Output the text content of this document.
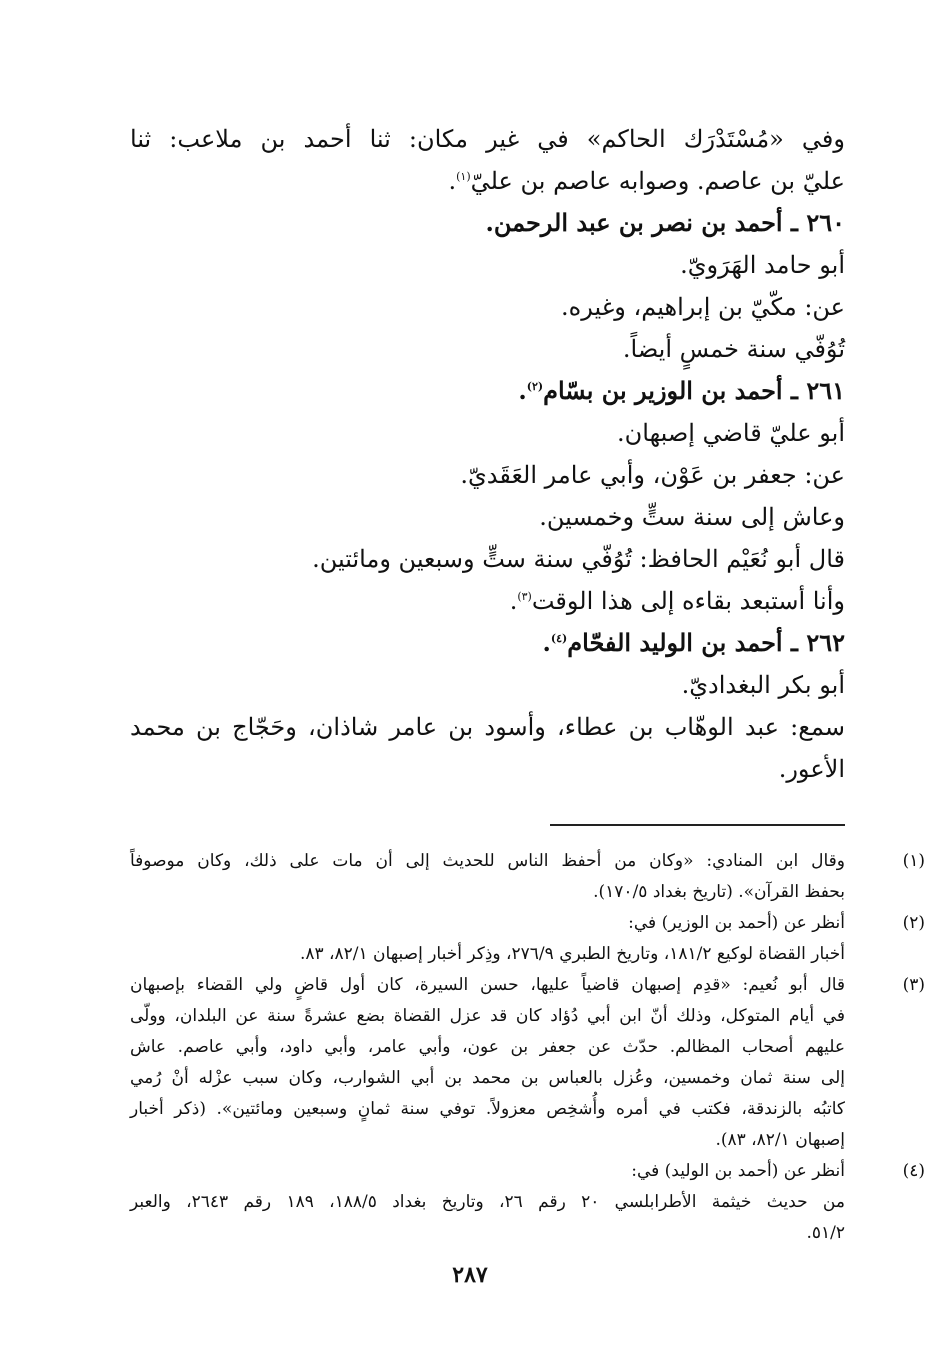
وفي «مُسْتَدْرَك الحاكم» في غير مكان: ثنا أحمد بن ملاعب: ثنا
عليّ بن عاصم. وصوابه عاصم بن عليّ$^{(١)}$.
٢٦٠ ـ أحمد بن نصر بن عبد الرحمن.
أبو حامد الهَرَويّ.
عن: مكّيّ بن إبراهيم، وغيره.
تُوُفّي سنة خمسٍ أيضاً.
٢٦١ ـ أحمد بن الوزير بن بسّام$^{(٢)}$.
أبو عليّ قاضي إصبهان.
عن: جعفر بن عَوْن، وأبي عامر العَقَديّ.
وعاش إلى سنة ستٍّ وخمسين.
قال أبو نُعَيْم الحافظ: تُوُفّي سنة ستٍّ وسبعين ومائتين.
وأنا أستبعد بقاءه إلى هذا الوقت$^{(٣)}$.
٢٦٢ ـ أحمد بن الوليد الفحّام$^{(٤)}$.
أبو بكر البغداديّ.
سمع: عبد الوهّاب بن عطاء، وأسود بن عامر شاذان، وحَجّاج بن محمد
الأعور.
(١)
وقال ابن المنادي: «وكان من أحفظ الناس للحديث إلى أن مات على ذلك، وكان موصوفاً
بحفظ القرآن». (تاريخ بغداد ١٧٠/٥).
(٢)
أنظر عن (أحمد بن الوزير) في:
أخبار القضاة لوكيع ١٨١/٢، وتاريخ الطبري ٢٧٦/٩، وذِكر أخبار إصبهان ٨٢/١، ٨٣.
(٣)
قال أبو نُعيم: «قدِم إصبهان قاضياً عليها، حسن السيرة، كان أول قاضٍ ولي القضاء بإصبهان
في أيام المتوكل، وذلك أنّ ابن أبي دُؤاد كان قد عزل القضاة بضع عشرةً سنة عن البلدان، وولّى
عليهم أصحاب المظالم. حدّث عن جعفر بن عون، وأبي عامر، وأبي داود، وأبي عاصم. عاش
إلى سنة ثمان وخمسين، وعُزل بالعباس بن محمد بن أبي الشوارب، وكان سبب عزْله أنْ رُمي
كاتبُه بالزندقة، فكتب في أمره وأُشخِص معزولاً. توفي سنة ثمانٍ وسبعين ومائتين». (ذكر أخبار
إصبهان ٨٢/١، ٨٣).
(٤)
أنظر عن (أحمد بن الوليد) في:
من حديث خيثمة الأطرابلسي ٢٠ رقم ٢٦، وتاريخ بغداد ١٨٨/٥، ١٨٩ رقم ٢٦٤٣، والعبر
٥١/٢.
٢٨٧
